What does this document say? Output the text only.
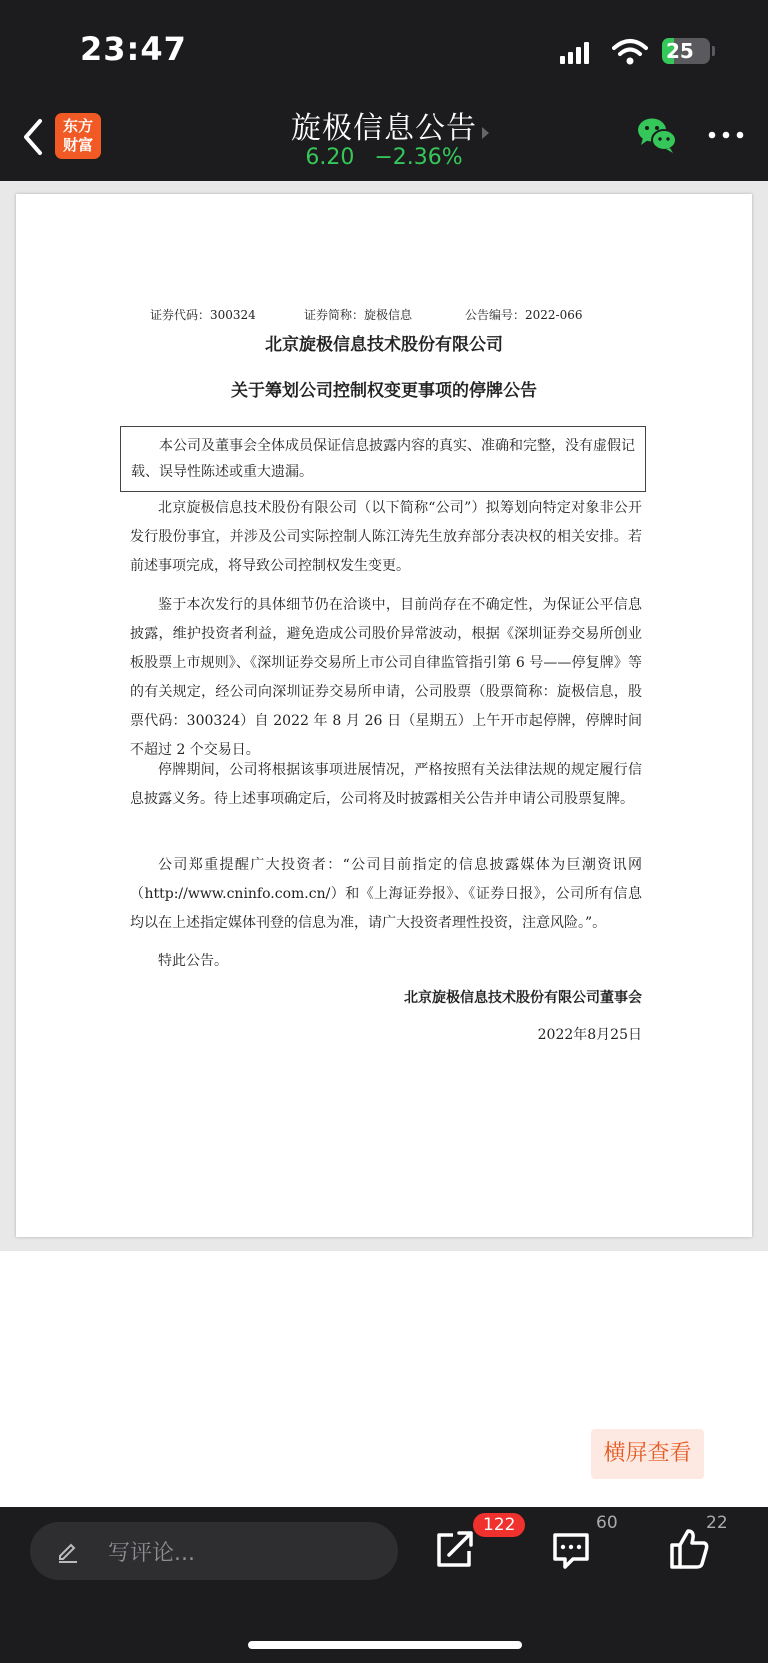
23:47	25
东方
财富	旋极信息公告
6.20 −2.36%
证券代码：300324	证券简称：旋极信息	公告编号：2022-066
北京旋极信息技术股份有限公司
关于筹划公司控制权变更事项的停牌公告
本公司及董事会全体成员保证信息披露内容的真实、准确和完整，没有虚假记载、误导性陈述或重大遗漏。
北京旋极信息技术股份有限公司（以下简称“公司”）拟筹划向特定对象非公开发行股份事宜，并涉及公司实际控制人陈江涛先生放弃部分表决权的相关安排。若前述事项完成，将导致公司控制权发生变更。
鉴于本次发行的具体细节仍在洽谈中，目前尚存在不确定性，为保证公平信息披露，维护投资者利益，避免造成公司股价异常波动，根据《深圳证券交易所创业板股票上市规则》、《深圳证券交易所上市公司自律监管指引第 6 号——停复牌》等的有关规定，经公司向深圳证券交易所申请，公司股票（股票简称：旋极信息，股票代码：300324）自 2022 年 8 月 26 日（星期五）上午开市起停牌，停牌时间不超过 2 个交易日。
停牌期间，公司将根据该事项进展情况，严格按照有关法律法规的规定履行信息披露义务。待上述事项确定后，公司将及时披露相关公告并申请公司股票复牌。
公司郑重提醒广大投资者：“公司目前指定的信息披露媒体为巨潮资讯网（http://www.cninfo.com.cn/）和《上海证券报》、《证券日报》，公司所有信息均以在上述指定媒体刊登的信息为准，请广大投资者理性投资，注意风险。”。
特此公告。
北京旋极信息技术股份有限公司董事会
2022年8月25日
横屏查看
写评论...
122	60	22
